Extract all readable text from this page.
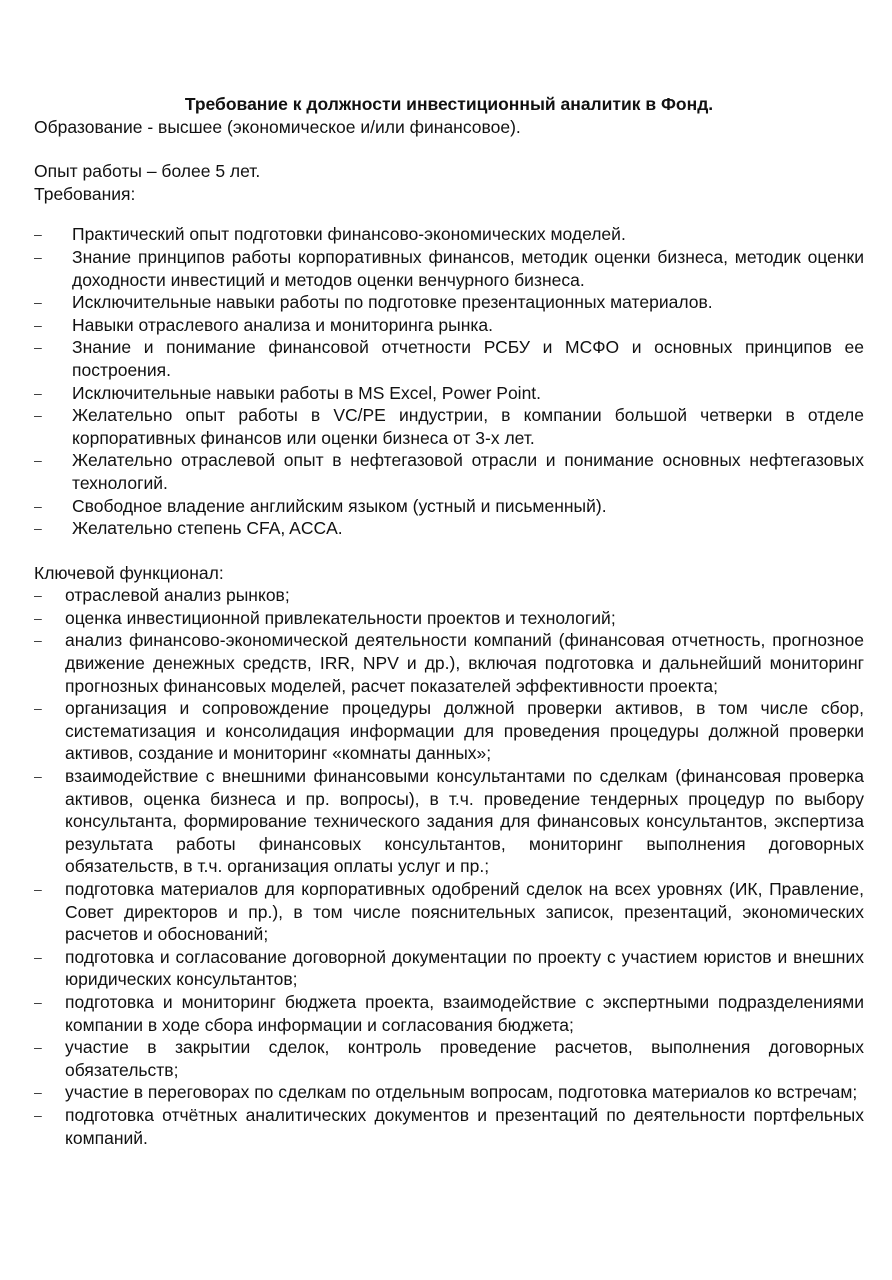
Требование к должности инвестиционный аналитик в Фонд.

Образование - высшее (экономическое и/или финансовое).

Опыт работы – более 5 лет.

Требования:

– Практический опыт подготовки финансово-экономических моделей.
– Знание принципов работы корпоративных финансов, методик оценки бизнеса, методик оценки доходности инвестиций и методов оценки венчурного бизнеса.
– Исключительные навыки работы по подготовке презентационных материалов.
– Навыки отраслевого анализа и мониторинга рынка.
– Знание и понимание финансовой отчетности РСБУ и МСФО и основных принципов ее построения.
– Исключительные навыки работы в MS Excel, Power Point.
– Желательно опыт работы в VC/PE индустрии, в компании большой четверки в отделе корпоративных финансов или оценки бизнеса от 3-х лет.
– Желательно отраслевой опыт в нефтегазовой отрасли и понимание основных нефтегазовых технологий.
– Свободное владение английским языком (устный и письменный).
– Желательно степень CFA, ACCA.

Ключевой функционал:

– отраслевой анализ рынков;
– оценка инвестиционной привлекательности проектов и технологий;
– анализ финансово-экономической деятельности компаний (финансовая отчетность, прогнозное движение денежных средств, IRR, NPV и др.), включая подготовка и дальнейший мониторинг прогнозных финансовых моделей, расчет показателей эффективности проекта;
– организация и сопровождение процедуры должной проверки активов, в том числе сбор, систематизация и консолидация информации для проведения процедуры должной проверки активов, создание и мониторинг «комнаты данных»;
– взаимодействие с внешними финансовыми консультантами по сделкам (финансовая проверка активов, оценка бизнеса и пр. вопросы), в т.ч. проведение тендерных процедур по выбору консультанта, формирование технического задания для финансовых консультантов, экспертиза результата работы финансовых консультантов, мониторинг выполнения договорных обязательств, в т.ч. организация оплаты услуг и пр.;
– подготовка материалов для корпоративных одобрений сделок на всех уровнях (ИК, Правление, Совет директоров и пр.), в том числе пояснительных записок, презентаций, экономических расчетов и обоснований;
– подготовка и согласование договорной документации по проекту с участием юристов и внешних юридических консультантов;
– подготовка и мониторинг бюджета проекта, взаимодействие с экспертными подразделениями компании в ходе сбора информации и согласования бюджета;
– участие в закрытии сделок, контроль проведение расчетов, выполнения договорных обязательств;
– участие в переговорах по сделкам по отдельным вопросам, подготовка материалов ко встречам;
– подготовка отчётных аналитических документов и презентаций по деятельности портфельных компаний.
